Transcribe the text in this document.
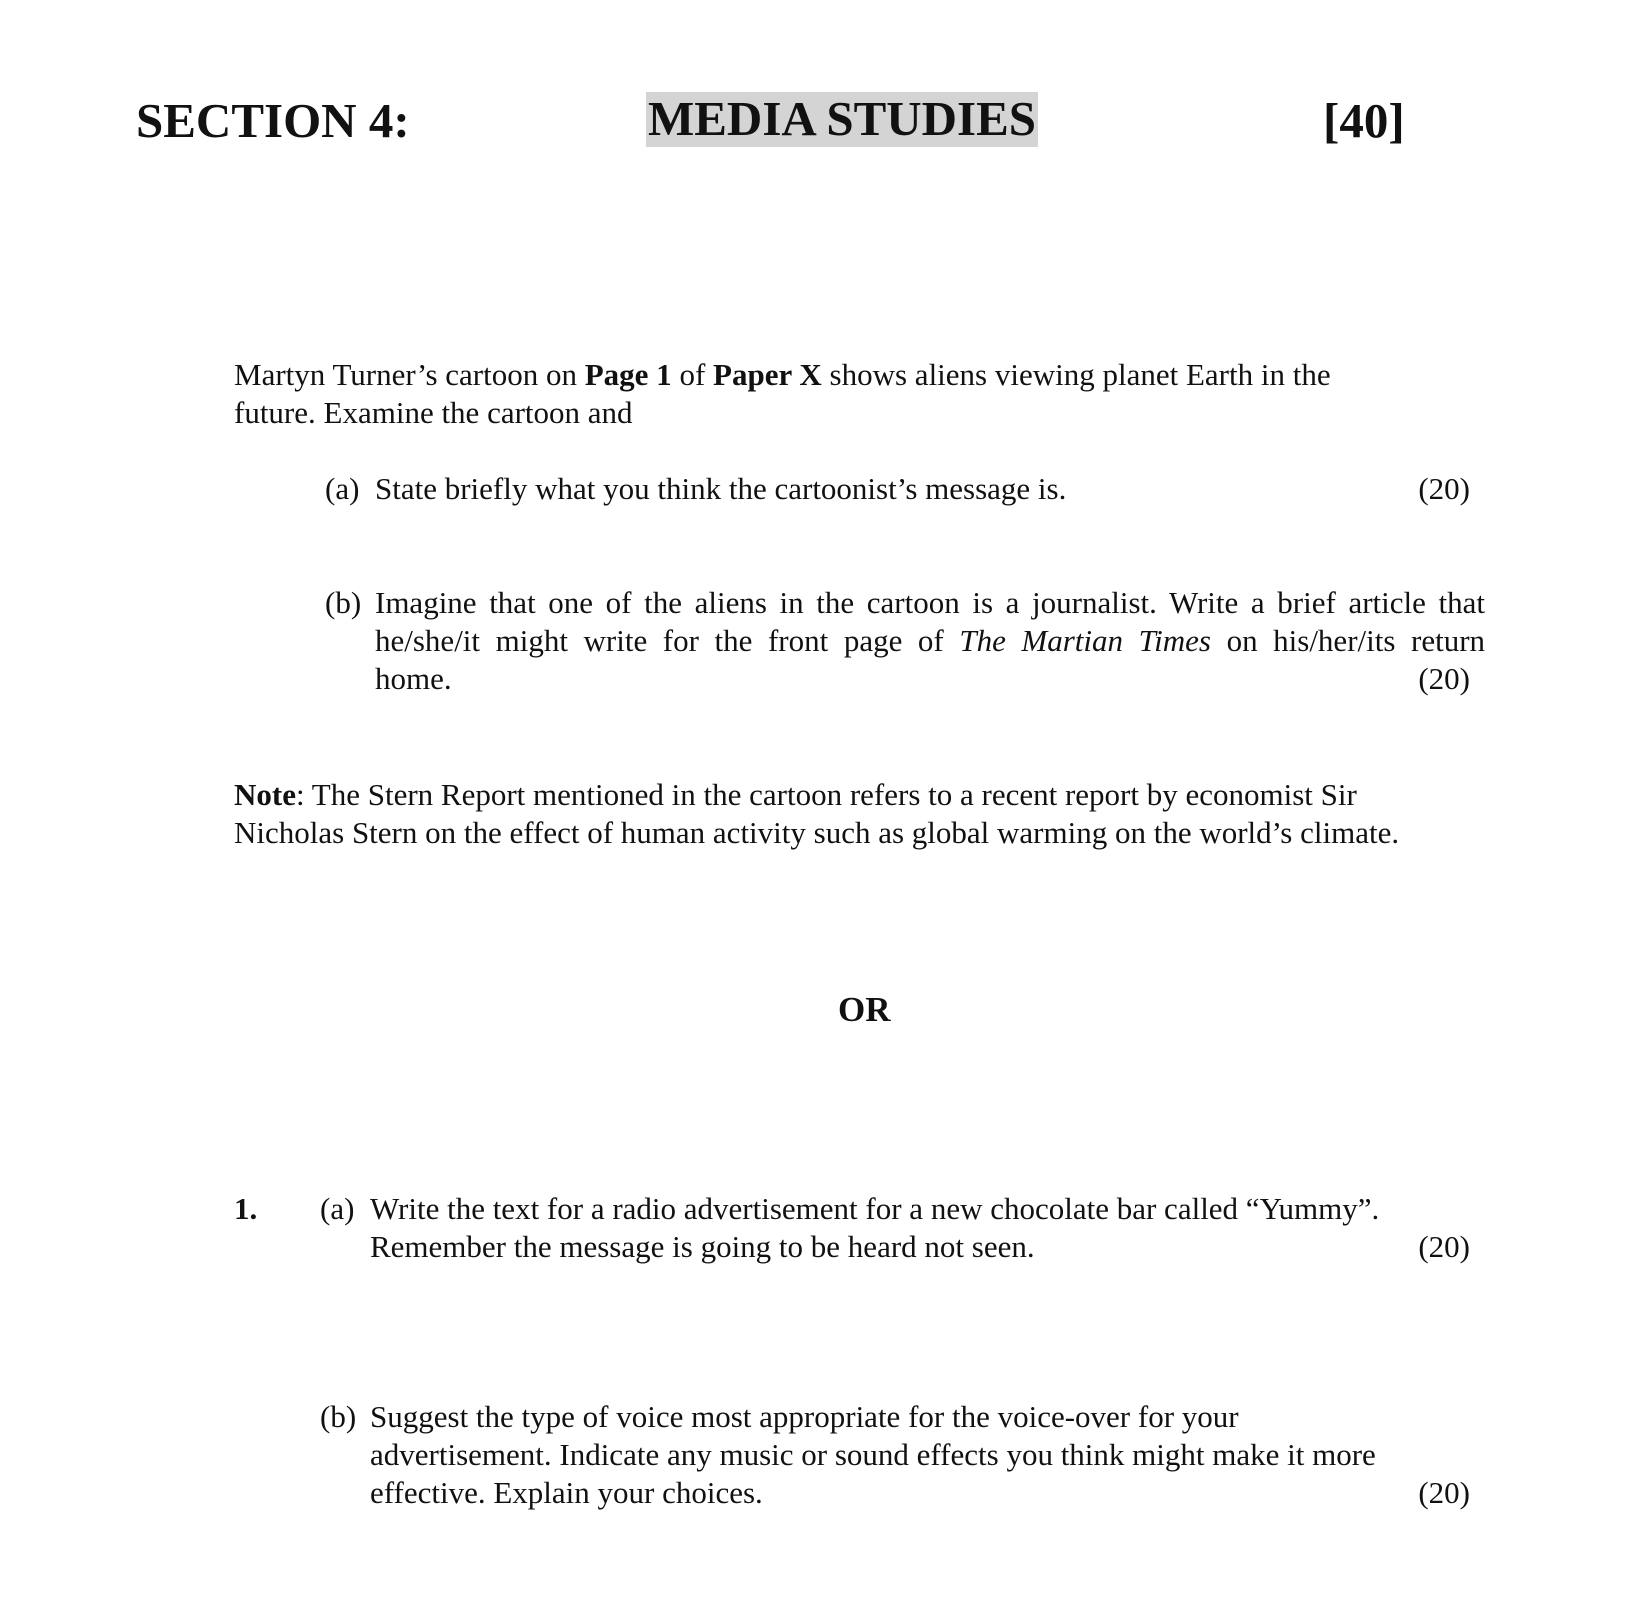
SECTION 4:	MEDIA STUDIES	[40]
Martyn Turner’s cartoon on Page 1 of Paper X shows aliens viewing planet Earth in the
future. Examine the cartoon and
(a) State briefly what you think the cartoonist’s message is.	(20)
(b) Imagine that one of the aliens in the cartoon is a journalist. Write a brief article that
he/she/it might write for the front page of The Martian Times on his/her/its return
home.	(20)
Note: The Stern Report mentioned in the cartoon refers to a recent report by economist Sir
Nicholas Stern on the effect of human activity such as global warming on the world’s climate.
OR
1. (a) Write the text for a radio advertisement for a new chocolate bar called “Yummy”.
Remember the message is going to be heard not seen.	(20)
(b) Suggest the type of voice most appropriate for the voice-over for your
advertisement. Indicate any music or sound effects you think might make it more
effective. Explain your choices.	(20)
